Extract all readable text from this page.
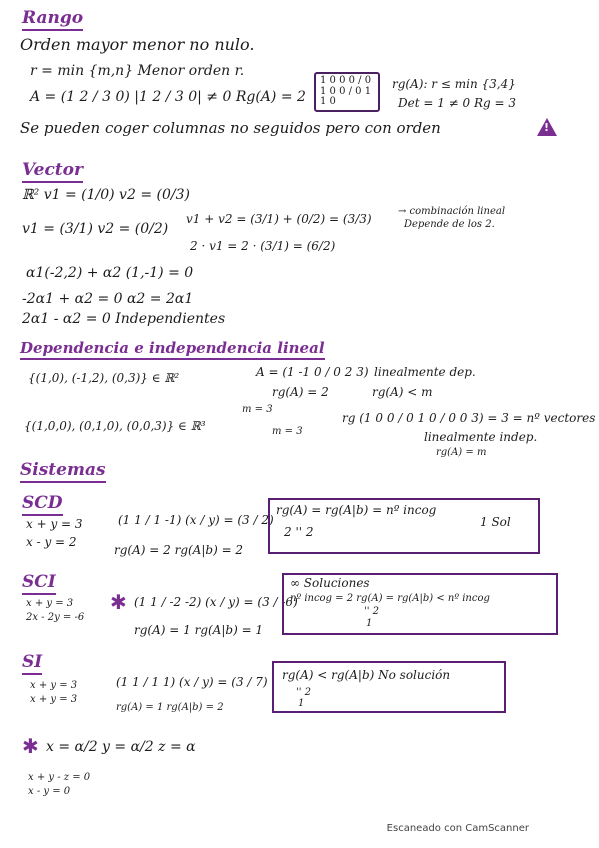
Rango
Orden mayor menor no nulo.
r = min {m,n} Menor orden r.
A = (1 2 / 3 0) |1 2 / 3 0| ≠ 0 Rg(A) = 2
1 0 0 0 / 0 1 0 0 / 0 1 1 0
rg(A): r ≤ min {3,4}
Det = 1 ≠ 0 Rg = 3
Se pueden coger columnas no seguidos pero con orden	!
Vector
ℝ² v1 = (1/0) v2 = (0/3)
v1 = (3/1) v2 = (0/2)
v1 + v2 = (3/1) + (0/2) = (3/3)
→ combinación lineal
Depende de los 2.
2 · v1 = 2 · (3/1) = (6/2)
α1(-2,2) + α2 (1,-1) = 0
-2α1 + α2 = 0 α2 = 2α1
2α1 - α2 = 0 Independientes
Dependencia e independencia lineal
{(1,0), (-1,2), (0,3)} ∈ ℝ²	A = (1 -1 0 / 0 2 3) linealmente dep.
rg(A) = 2	rg(A) < m
{(1,0,0), (0,1,0), (0,0,3)} ∈ ℝ³
m = 3
m = 3
rg (1 0 0 / 0 1 0 / 0 0 3) = 3 = nº vectores
linealmente indep.
rg(A) = m
Sistemas
SCD
x + y = 3
x - y = 2
(1 1 / 1 -1) (x / y) = (3 / 2)
rg(A) = 2 rg(A|b) = 2
rg(A) = rg(A|b) = nº incog
2 '' 2
1 Sol
SCI
x + y = 3
2x - 2y = -6
✱ (1 1 / -2 -2) (x / y) = (3 / -6)
rg(A) = 1 rg(A|b) = 1
∞ Soluciones
nº incog = 2 rg(A) = rg(A|b) < nº incog
'' 2
1
SI
x + y = 3
x + y = 3
(1 1 / 1 1) (x / y) = (3 / 7)
rg(A) = 1 rg(A|b) = 2
rg(A) < rg(A|b) No solución
'' 2
1
✱ x = α/2 y = α/2 z = α
x + y - z = 0
x - y = 0
Escaneado con CamScanner
